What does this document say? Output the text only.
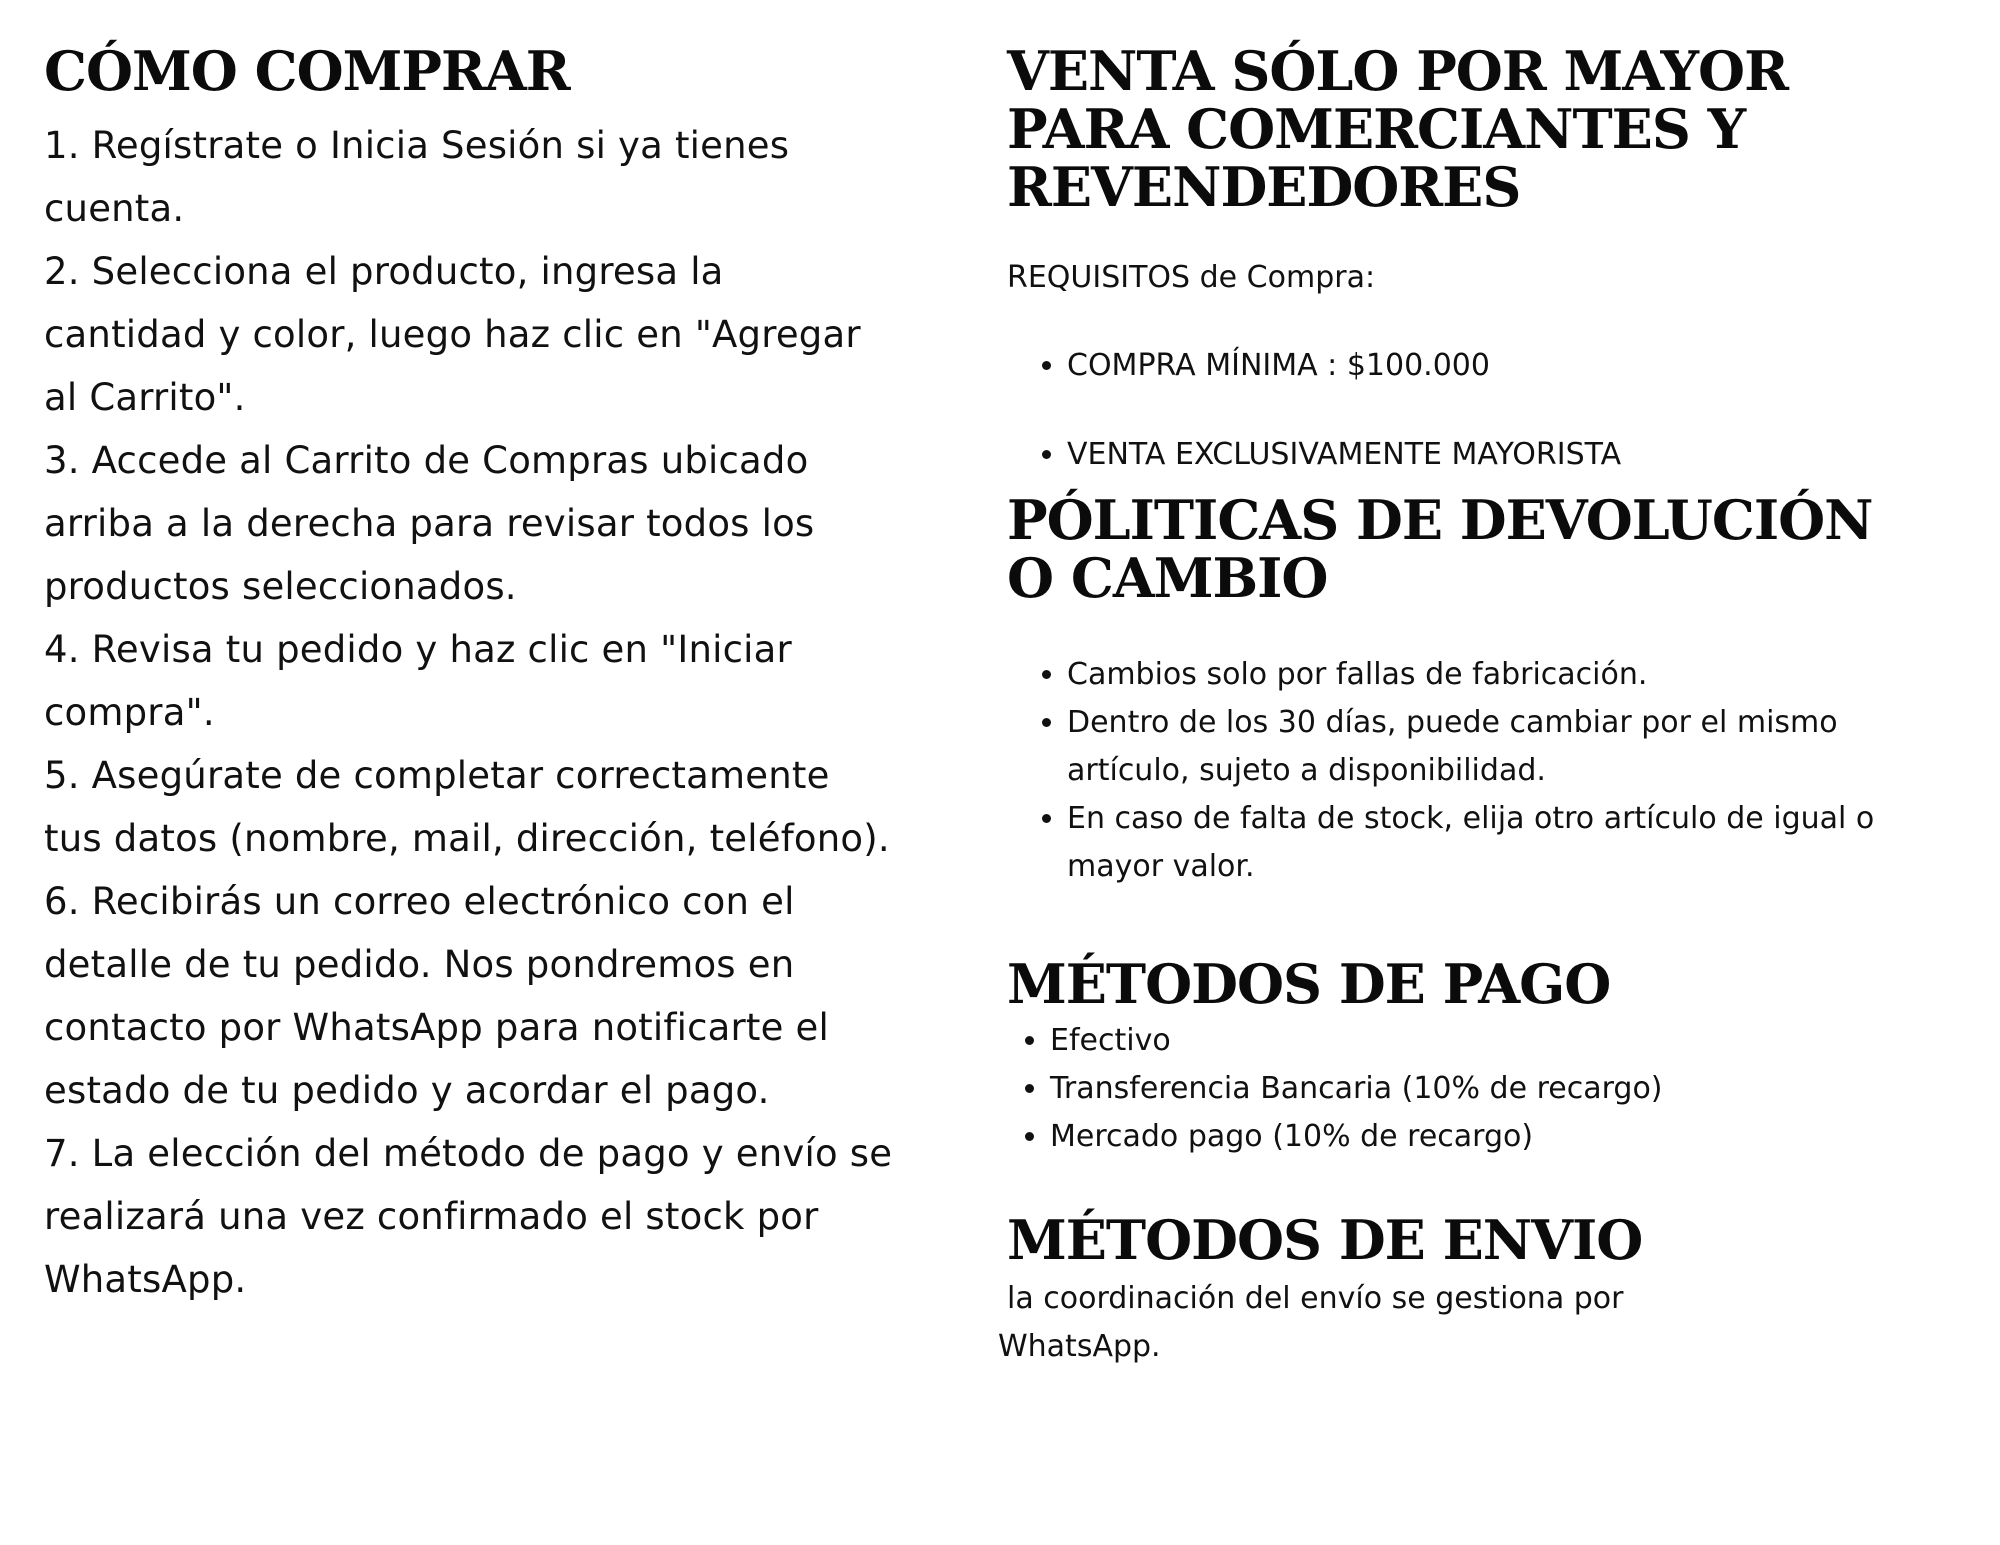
CÓMO COMPRAR

1. Regístrate o Inicia Sesión si ya tienes cuenta.

2. Selecciona el producto, ingresa la cantidad y color, luego haz clic en "Agregar al Carrito".

3. Accede al Carrito de Compras ubicado arriba a la derecha para revisar todos los productos seleccionados.

4. Revisa tu pedido y haz clic en "Iniciar compra".

5. Asegúrate de completar correctamente tus datos (nombre, mail, dirección, teléfono).

6. Recibirás un correo electrónico con el detalle de tu pedido. Nos pondremos en contacto por WhatsApp para notificarte el estado de tu pedido y acordar el pago.

7. La elección del método de pago y envío se realizará una vez confirmado el stock por WhatsApp.

VENTA SÓLO POR MAYOR PARA COMERCIANTES Y REVENDEDORES
REQUISITOS de Compra:
• COMPRA MÍNIMA : $100.000
• VENTA EXCLUSIVAMENTE MAYORISTA
PÓLITICAS DE DEVOLUCIÓN O CAMBIO
• Cambios solo por fallas de fabricación.
• Dentro de los 30 días, puede cambiar por el mismo artículo, sujeto a disponibilidad.
• En caso de falta de stock, elija otro artículo de igual o mayor valor.
MÉTODOS DE PAGO
• Efectivo
• Transferencia Bancaria (10% de recargo)
• Mercado pago (10% de recargo)
MÉTODOS DE ENVIO
la coordinación del envío se gestiona por WhatsApp.
